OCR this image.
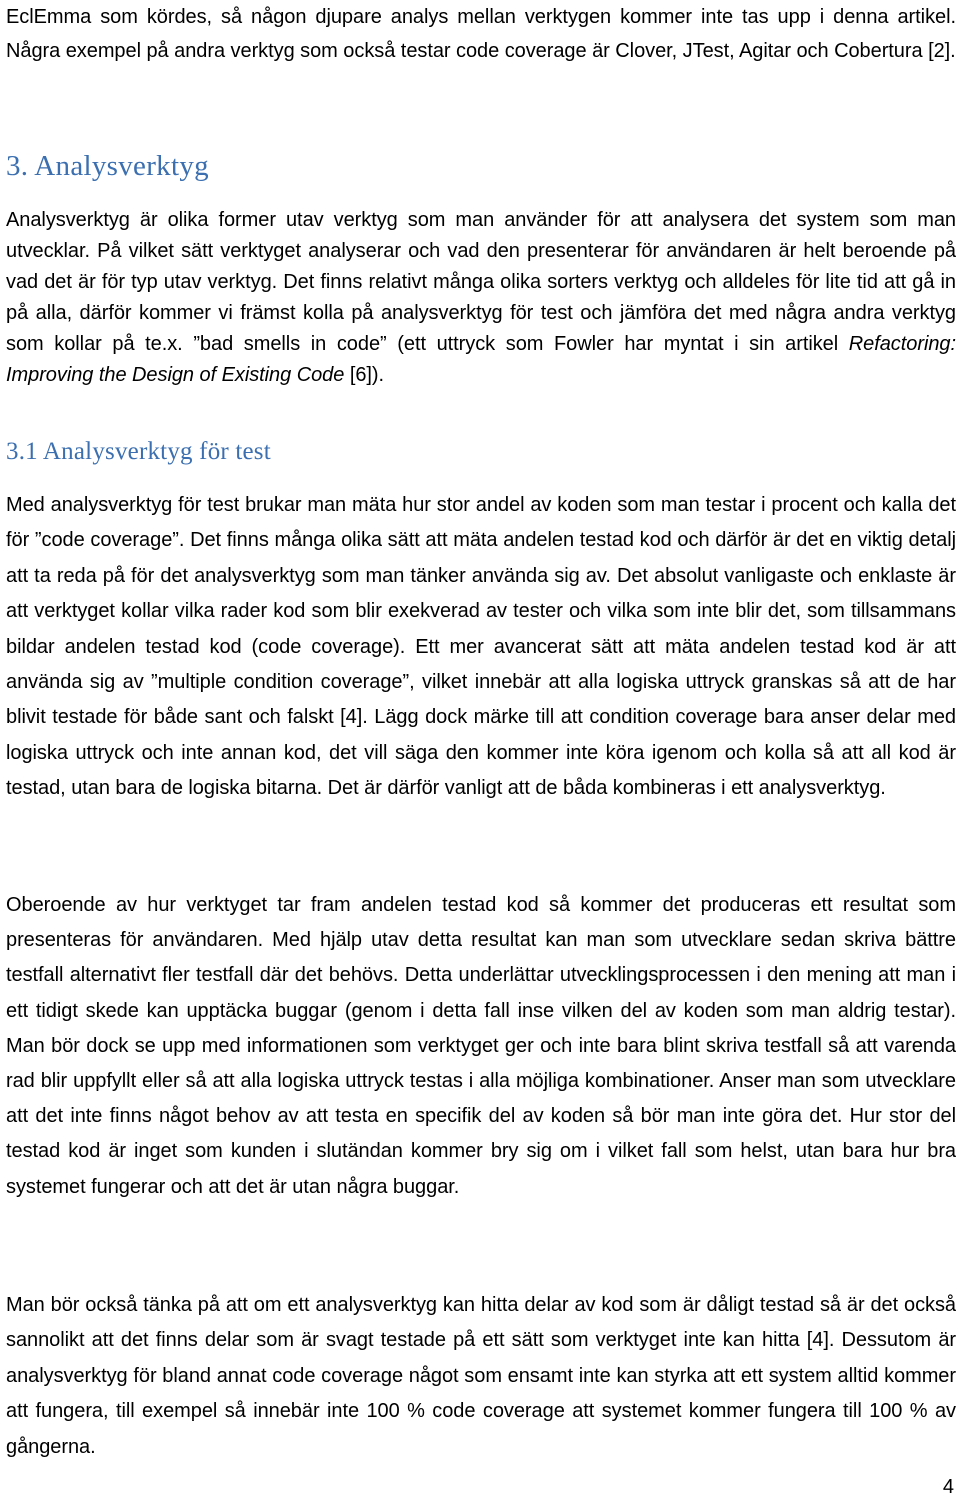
EclEmma som kördes, så någon djupare analys mellan verktygen kommer inte tas upp i denna artikel. Några exempel på andra verktyg som också testar code coverage är Clover, JTest, Agitar och Cobertura [2].

3. Analysverktyg

Analysverktyg är olika former utav verktyg som man använder för att analysera det system som man utvecklar. På vilket sätt verktyget analyserar och vad den presenterar för användaren är helt beroende på vad det är för typ utav verktyg. Det finns relativt många olika sorters verktyg och alldeles för lite tid att gå in på alla, därför kommer vi främst kolla på analysverktyg för test och jämföra det med några andra verktyg som kollar på te.x. ”bad smells in code” (ett uttryck som Fowler har myntat i sin artikel Refactoring: Improving the Design of Existing Code [6]).

3.1 Analysverktyg för test

Med analysverktyg för test brukar man mäta hur stor andel av koden som man testar i procent och kalla det för ”code coverage”. Det finns många olika sätt att mäta andelen testad kod och därför är det en viktig detalj att ta reda på för det analysverktyg som man tänker använda sig av. Det absolut vanligaste och enklaste är att verktyget kollar vilka rader kod som blir exekverad av tester och vilka som inte blir det, som tillsammans bildar andelen testad kod (code coverage). Ett mer avancerat sätt att mäta andelen testad kod är att använda sig av ”multiple condition coverage”, vilket innebär att alla logiska uttryck granskas så att de har blivit testade för både sant och falskt [4]. Lägg dock märke till att condition coverage bara anser delar med logiska uttryck och inte annan kod, det vill säga den kommer inte köra igenom och kolla så att all kod är testad, utan bara de logiska bitarna. Det är därför vanligt att de båda kombineras i ett analysverktyg.

Oberoende av hur verktyget tar fram andelen testad kod så kommer det produceras ett resultat som presenteras för användaren. Med hjälp utav detta resultat kan man som utvecklare sedan skriva bättre testfall alternativt fler testfall där det behövs. Detta underlättar utvecklingsprocessen i den mening att man i ett tidigt skede kan upptäcka buggar (genom i detta fall inse vilken del av koden som man aldrig testar). Man bör dock se upp med informationen som verktyget ger och inte bara blint skriva testfall så att varenda rad blir uppfyllt eller så att alla logiska uttryck testas i alla möjliga kombinationer. Anser man som utvecklare att det inte finns något behov av att testa en specifik del av koden så bör man inte göra det. Hur stor del testad kod är inget som kunden i slutändan kommer bry sig om i vilket fall som helst, utan bara hur bra systemet fungerar och att det är utan några buggar.

Man bör också tänka på att om ett analysverktyg kan hitta delar av kod som är dåligt testad så är det också sannolikt att det finns delar som är svagt testade på ett sätt som verktyget inte kan hitta [4]. Dessutom är analysverktyg för bland annat code coverage något som ensamt inte kan styrka att ett system alltid kommer att fungera, till exempel så innebär inte 100 % code coverage att systemet kommer fungera till 100 % av gångerna.

4
